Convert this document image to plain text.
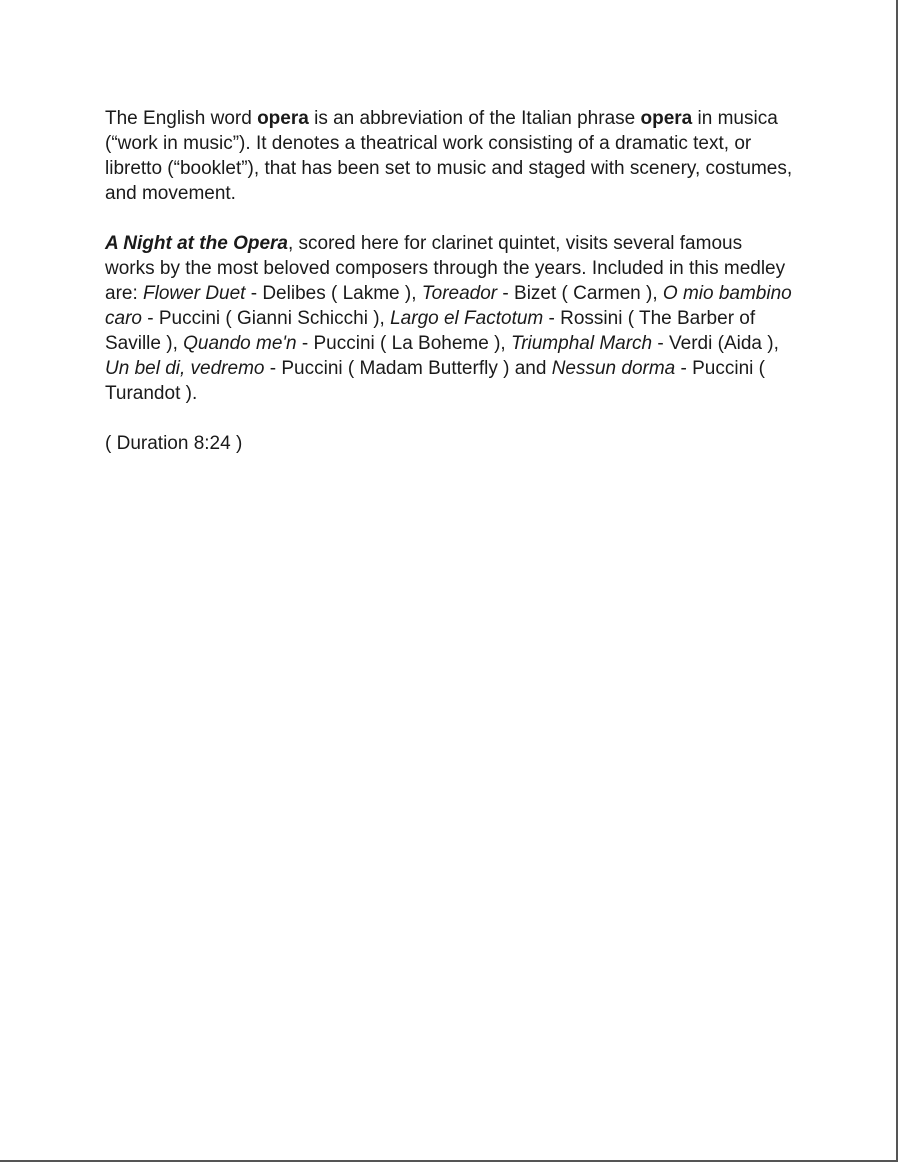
The English word opera is an abbreviation of the Italian phrase opera in musica (“work in music”). It denotes a theatrical work consisting of a dramatic text, or libretto (“booklet”), that has been set to music and staged with scenery, costumes, and movement.

A Night at the Opera, scored here for clarinet quintet, visits several famous works by the most beloved composers through the years. Included in this medley are: Flower Duet - Delibes ( Lakme ), Toreador - Bizet ( Carmen ), O mio bambino caro - Puccini ( Gianni Schicchi ), Largo el Factotum - Rossini ( The Barber of Saville ), Quando me'n - Puccini ( La Boheme ), Triumphal March - Verdi (Aida ), Un bel di, vedremo - Puccini ( Madam Butterfly ) and Nessun dorma - Puccini ( Turandot ).

( Duration 8:24 )
